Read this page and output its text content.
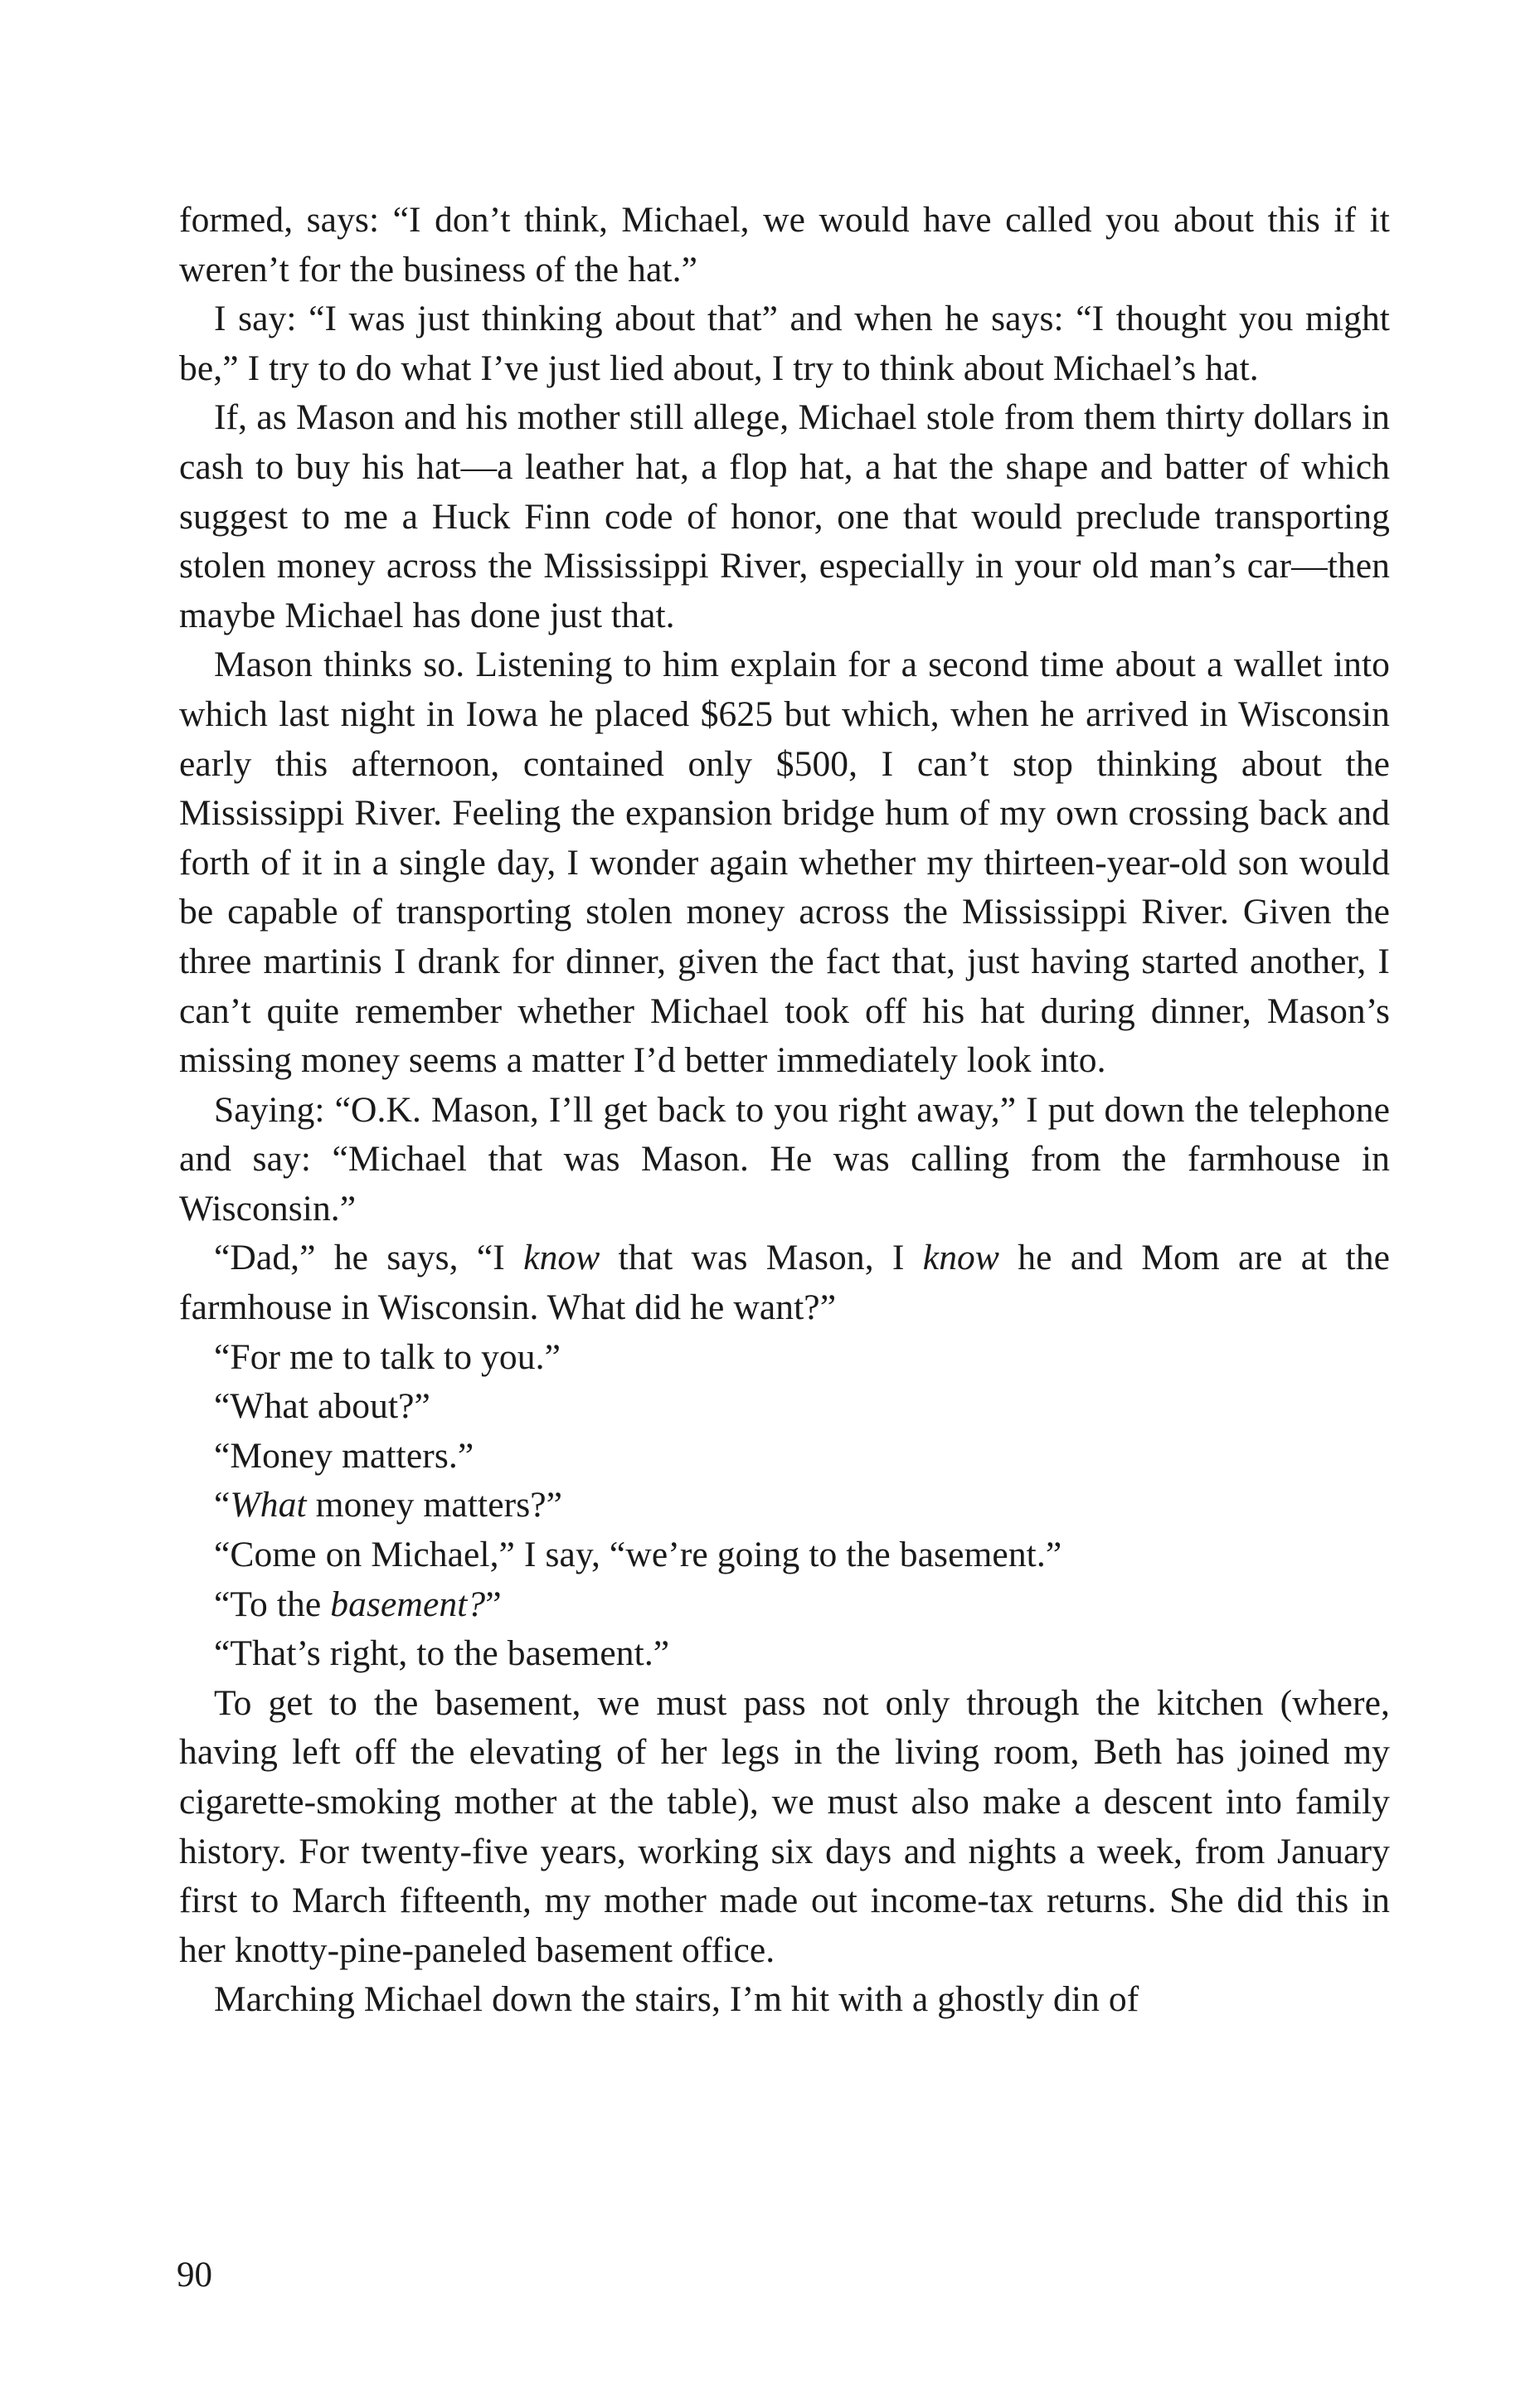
formed, says: “I don’t think, Michael, we would have called you about this if it weren’t for the business of the hat.”

I say: “I was just thinking about that” and when he says: “I thought you might be,” I try to do what I’ve just lied about, I try to think about Michael’s hat.

If, as Mason and his mother still allege, Michael stole from them thirty dollars in cash to buy his hat—a leather hat, a flop hat, a hat the shape and batter of which suggest to me a Huck Finn code of honor, one that would preclude transporting stolen money across the Mississippi River, especially in your old man’s car—then maybe Michael has done just that.

Mason thinks so. Listening to him explain for a second time about a wallet into which last night in Iowa he placed $625 but which, when he arrived in Wisconsin early this afternoon, contained only $500, I can’t stop thinking about the Mississippi River. Feeling the expansion bridge hum of my own crossing back and forth of it in a single day, I wonder again whether my thirteen-year-old son would be capable of transporting stolen money across the Mississippi River. Given the three martinis I drank for dinner, given the fact that, just having started another, I can’t quite remember whether Michael took off his hat during dinner, Mason’s missing money seems a matter I’d better immediately look into.

Saying: “O.K. Mason, I’ll get back to you right away,” I put down the telephone and say: “Michael that was Mason. He was calling from the farmhouse in Wisconsin.”

“Dad,” he says, “I know that was Mason, I know he and Mom are at the farmhouse in Wisconsin. What did he want?”

“For me to talk to you.”

“What about?”

“Money matters.”

“What money matters?”

“Come on Michael,” I say, “we’re going to the basement.”

“To the basement?”

“That’s right, to the basement.”

To get to the basement, we must pass not only through the kitchen (where, having left off the elevating of her legs in the living room, Beth has joined my cigarette-smoking mother at the table), we must also make a descent into family history. For twenty-five years, working six days and nights a week, from January first to March fifteenth, my mother made out income-tax returns. She did this in her knotty-pine-paneled basement office.

Marching Michael down the stairs, I’m hit with a ghostly din of

90
